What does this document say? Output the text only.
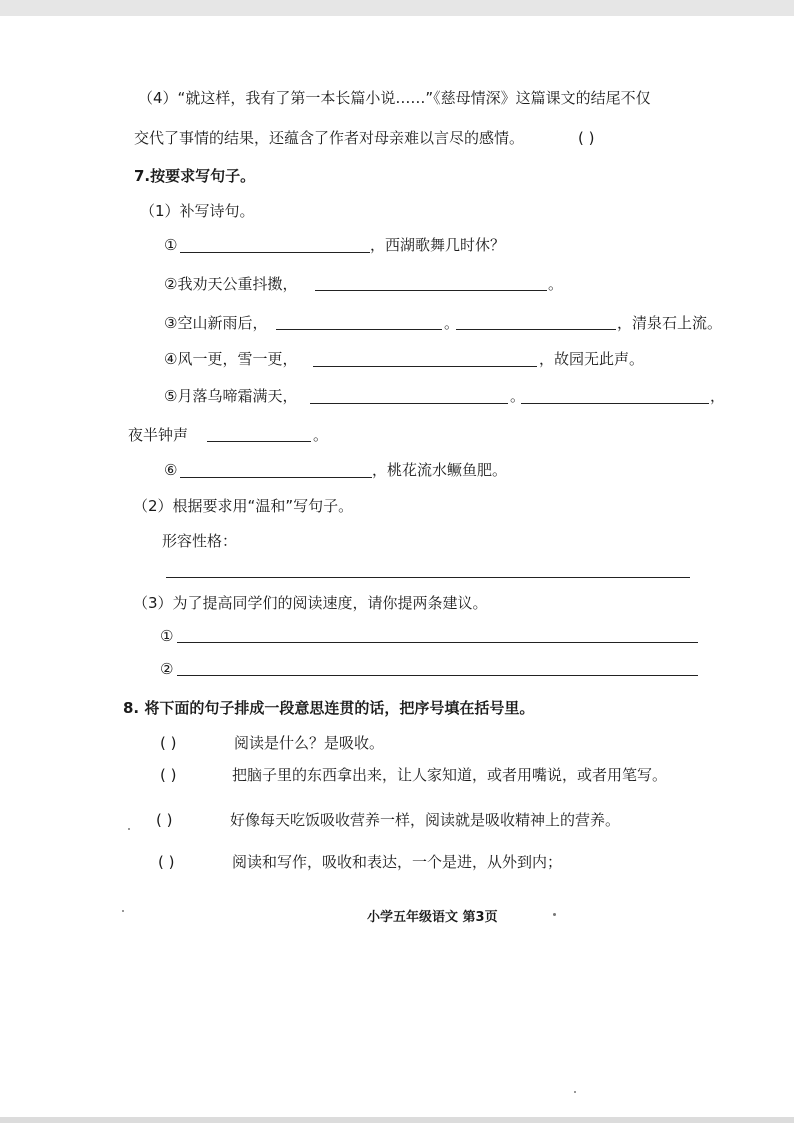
（4）“就这样，我有了第一本长篇小说……”《慈母情深》这篇课文的结尾不仅
交代了事情的结果，还蕴含了作者对母亲难以言尽的感情。	( )
7.按要求写句子。
（1）补写诗句。
①	，西湖歌舞几时休？
②我劝天公重抖擞，	。
③空山新雨后，	。	，清泉石上流。
④风一更，雪一更，	，故园无此声。
⑤月落乌啼霜满天，	。	，
夜半钟声	。
⑥	，桃花流水鳜鱼肥。
（2）根据要求用“温和”写句子。
形容性格：
（3）为了提高同学们的阅读速度，请你提两条建议。
①
②
8. 将下面的句子排成一段意思连贯的话，把序号填在括号里。
( )	阅读是什么？是吸收。
( )	把脑子里的东西拿出来，让人家知道，或者用嘴说，或者用笔写。
( )	好像每天吃饭吸收营养一样，阅读就是吸收精神上的营养。
( )	阅读和写作，吸收和表达，一个是进，从外到内；
小学五年级语文 第3页
